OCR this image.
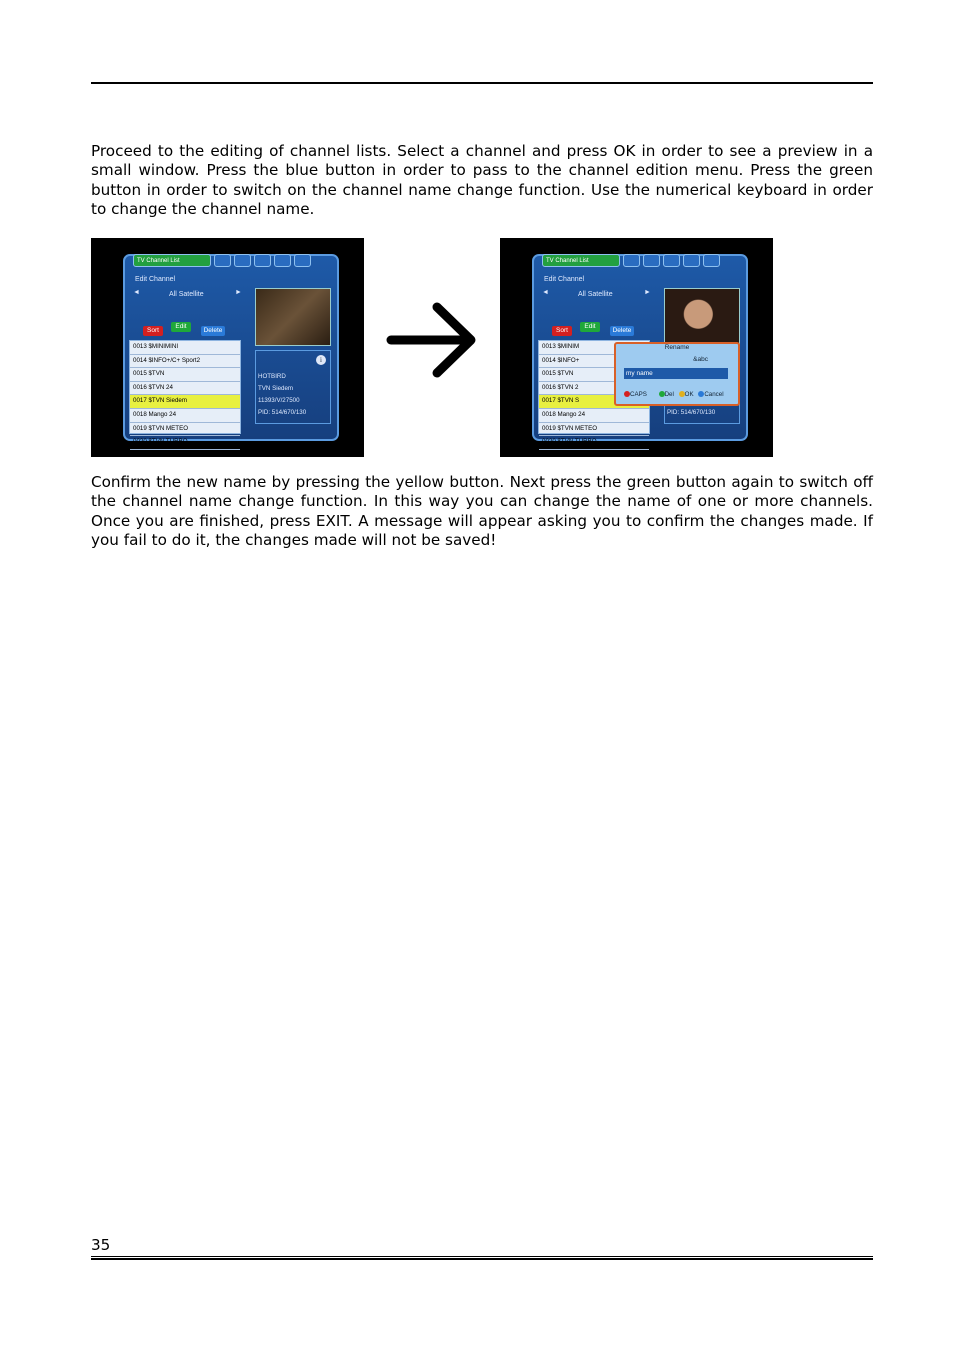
Proceed to the editing of channel lists. Select a channel and press OK in order to see a preview in a small window. Press the blue button in order to pass to the channel edition menu. Press the green button in order to switch on the channel name change function. Use the numerical keyboard in order to change the channel name.

TV Channel List
Edit Channel
◄	All Satellite	►
Sort
Edit
Delete
0013 $MINIMINI
0014 $INFO+/C+ Sport2
0015 $TVN
0016 $TVN 24
0017 $TVN Siedem
0018 Mango 24
0019 $TVN METEO
0020 $TVN TURBO
i
HOTBIRD
TVN Siedem
11393/V/27500
PID: 514/670/130
TV Channel List
Edit Channel
◄	All Satellite	►
Sort
Edit
Delete
0013 $MINIM
0014 $INFO+
0015 $TVN
0016 $TVN 2
0017 $TVN S
0018 Mango 24
0019 $TVN METEO
0020 $TVN TURBO
PID: 514/670/130
Rename
&abc
my name
CAPS	Del OK Cancel

Confirm the new name by pressing the yellow button. Next press the green button again to switch off the channel name change function. In this way you can change the name of one or more channels. Once you are finished, press EXIT. A message will appear asking you to confirm the changes made. If you fail to do it, the changes made will not be saved!

35
